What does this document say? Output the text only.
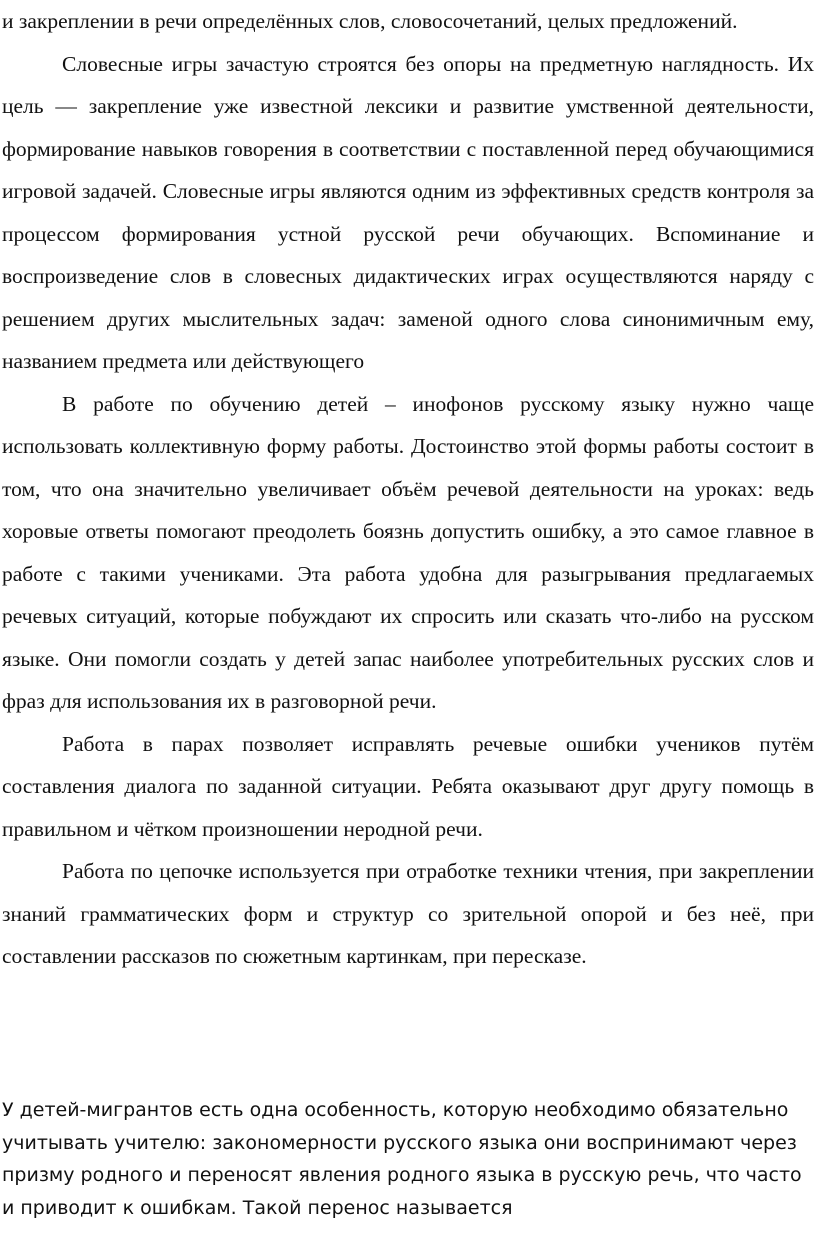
и закреплении в речи определённых слов, словосочетаний, целых предложений.

Словесные игры зачастую строятся без опоры на предметную наглядность. Их цель — закрепление уже известной лексики и развитие умственной деятельности, формирование навыков говорения в соответствии с поставленной перед обучающимися игровой задачей. Словесные игры являются одним из эффективных средств контроля за процессом формирования устной русской речи обучающих. Вспоминание и воспроизведение слов в словесных дидактических играх осуществляются наряду с решением других мыслительных задач: заменой одного слова синонимичным ему, названием предмета или действующего

В работе по обучению детей – инофонов русскому языку нужно чаще использовать коллективную форму работы. Достоинство этой формы работы состоит в том, что она значительно увеличивает объём речевой деятельности на уроках: ведь хоровые ответы помогают преодолеть боязнь допустить ошибку, а это самое главное в работе с такими учениками. Эта работа удобна для разыгрывания предлагаемых речевых ситуаций, которые побуждают их спросить или сказать что-либо на русском языке. Они помогли создать у детей запас наиболее употребительных русских слов и фраз для использования их в разговорной речи.

Работа в парах позволяет исправлять речевые ошибки учеников путём составления диалога по заданной ситуации. Ребята оказывают друг другу помощь в правильном и чётком произношении неродной речи.

Работа по цепочке используется при отработке техники чтения, при закреплении знаний грамматических форм и структур со зрительной опорой и без неё, при составлении рассказов по сюжетным картинкам, при пересказе.

У детей-мигрантов есть одна особенность, которую необходимо обязательно учитывать учителю: закономерности русского языка они воспринимают через призму родного и переносят явления родного языка в русскую речь, что часто и приводит к ошибкам. Такой перенос называется
